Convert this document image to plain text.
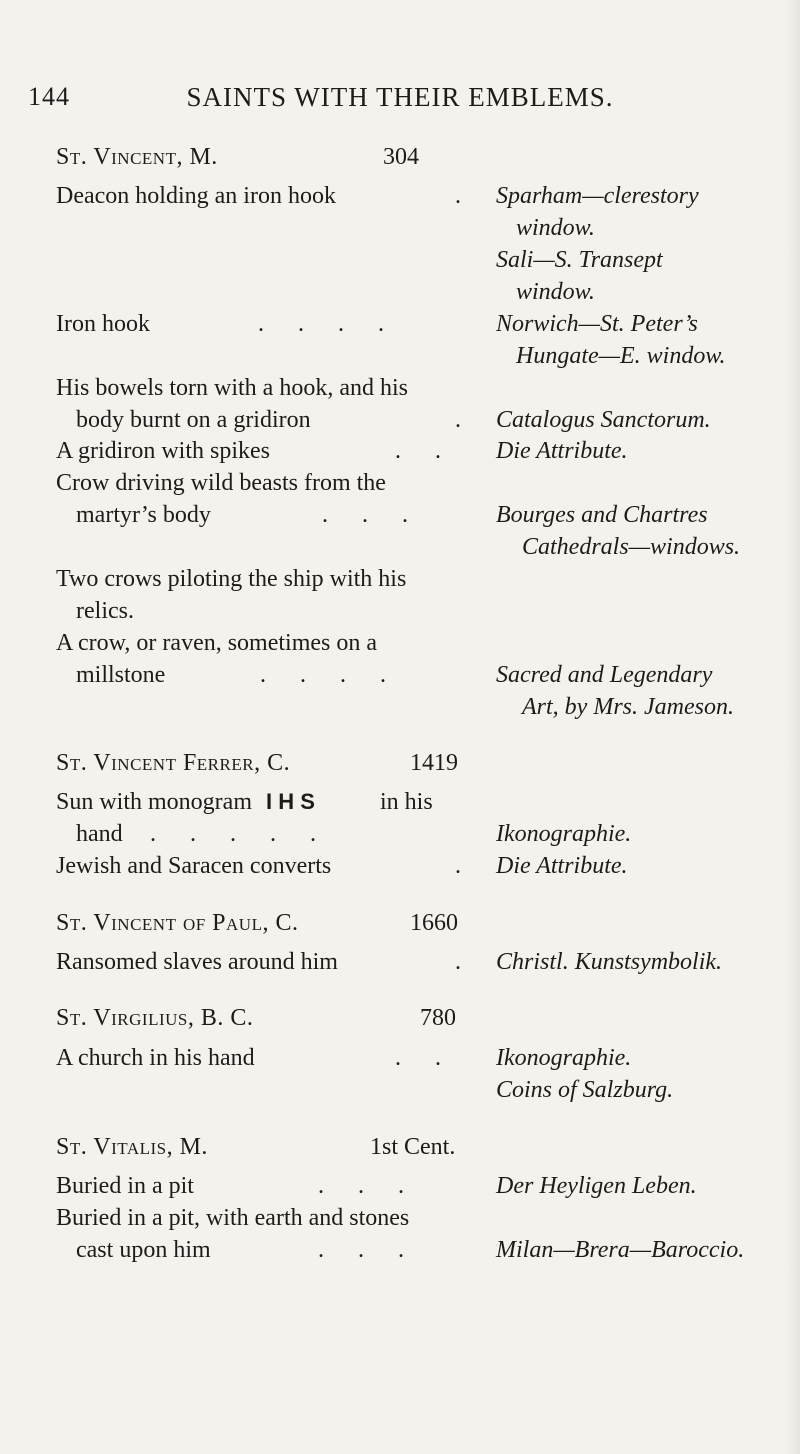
144	SAINTS WITH THEIR EMBLEMS.
St. Vincent, M.	304
Deacon holding an iron hook	. Sparham—clerestory
window.
Sali—S. Transept
window.
Iron hook	. . . .	Norwich—St. Peter’s
Hungate—E. window.
His bowels torn with a hook, and his
body burnt on a gridiron	. Catalogus Sanctorum.
A gridiron with spikes	. . Die Attribute.
Crow driving wild beasts from the
martyr’s body	. . .	Bourges and Chartres
Cathedrals—windows.
Two crows piloting the ship with his
relics.
A crow, or raven, sometimes on a
millstone	. . . .	Sacred and Legendary
Art, by Mrs. Jameson.
St. Vincent Ferrer, C.	1419
Sun with monogram I H S	in his
hand . . . . .	Ikonographie.
Jewish and Saracen converts	. Die Attribute.
St. Vincent of Paul, C.	1660
Ransomed slaves around him	. Christl. Kunstsymbolik.
St. Virgilius, B. C.	780
A church in his hand	. . Ikonographie.
Coins of Salzburg.
St. Vitalis, M.	1st Cent.
Buried in a pit	. . .	Der Heyligen Leben.
Buried in a pit, with earth and stones
cast upon him	. . .	Milan—Brera—Baroccio.
